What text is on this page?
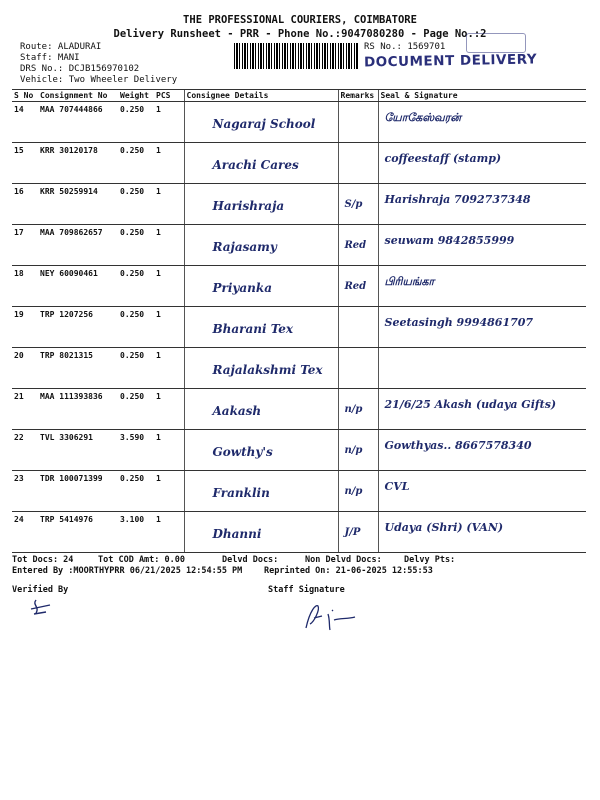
THE PROFESSIONAL COURIERS, COIMBATORE
Delivery Runsheet - PRR - Phone No.:9047080280 - Page No.:2
Route: ALADURAI
Staff: MANI
DRS No.: DCJB156970102
Vehicle: Two Wheeler Delivery
RS No.: 1569701
DOCUMENT DELIVERY
S No	Consignment No	Weight	PCS	Consignee Details	Remarks	Seal & Signature
14	MAA 707444866	0.250	1	Nagaraj School		யோகேஸ்வரன்
15	KRR 30120178	0.250	1	Arachi Cares		coffeestaff (stamp)
16	KRR 50259914	0.250	1	Harishraja	S/p	Harishraja 7092737348
17	MAA 709862657	0.250	1	Rajasamy	Red	seuwam 9842855999
18	NEY 60090461	0.250	1	Priyanka	Red	பிரியங்கா
19	TRP 1207256	0.250	1	Bharani Tex		Seetasingh 9994861707
20	TRP 8021315	0.250	1	Rajalakshmi Tex		
21	MAA 111393836	0.250	1	Aakash	n/p	21/6/25 Akash (udaya Gifts)
22	TVL 3306291	3.590	1	Gowthy's	n/p	Gowthyas.. 8667578340
23	TDR 100071399	0.250	1	Franklin	n/p	CVL
24	TRP 5414976	3.100	1	Dhanni	J/P	Udaya (Shri) (VAN)
Tot Docs: 24	Tot COD Amt: 0.00	Delvd Docs:	Non Delvd Docs:	Delvy Pts:
Entered By :MOORTHYPRR 06/21/2025 12:54:55 PM	Reprinted On: 21-06-2025 12:55:53
Verified By	Staff Signature
